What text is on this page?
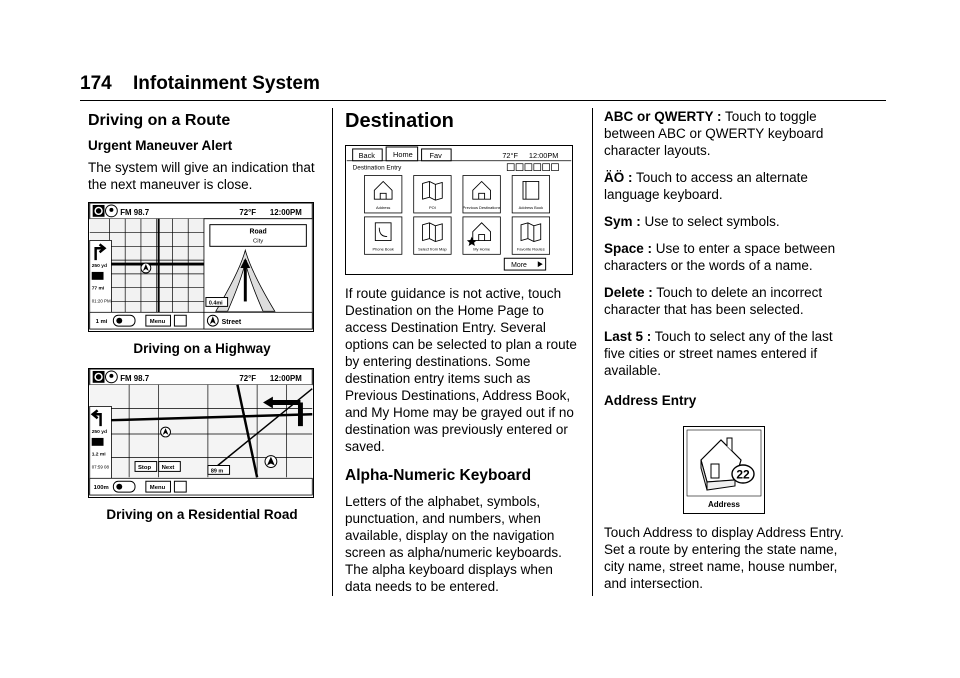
174 Infotainment System
Driving on a Route
Urgent Maneuver Alert

The system will give an indication that the next maneuver is close.

FM 98.7	72°F 12:00PM
250 yd
77 mi
01:20 PM
1 mi	Menu
Road
City
0.4mi
Street
Driving on a Highway
FM 98.7	72°F 12:00PM
250 yd
1.2 mi
07:59 08	Stop Next
89 m
100m	Menu
Driving on a Residential Road
Destination
Back Home Fav	72°F 12:00PM
Destination Entry
Address	POI	Previous Destinations	Address Book
Phone Book	Select from Map	My Home	Favorite Routes
More

If route guidance is not active, touch Destination on the Home Page to access Destination Entry. Several options can be selected to plan a route by entering destinations. Some destination entry items such as Previous Destinations, Address Book, and My Home may be grayed out if no destination was previously entered or saved.

Alpha-Numeric Keyboard

Letters of the alphabet, symbols, punctuation, and numbers, when available, display on the navigation screen as alpha/numeric keyboards. The alpha keyboard displays when data needs to be entered.

ABC or QWERTY : Touch to toggle between ABC or QWERTY keyboard character layouts.

ÄÖ : Touch to access an alternate language keyboard.

Sym : Use to select symbols.

Space : Use to enter a space between characters or the words of a name.

Delete : Touch to delete an incorrect character that has been selected.

Last 5 : Touch to select any of the last five cities or street names entered if available.

Address Entry
22
Address

Touch Address to display Address Entry. Set a route by entering the state name, city name, street name, house number, and intersection.
